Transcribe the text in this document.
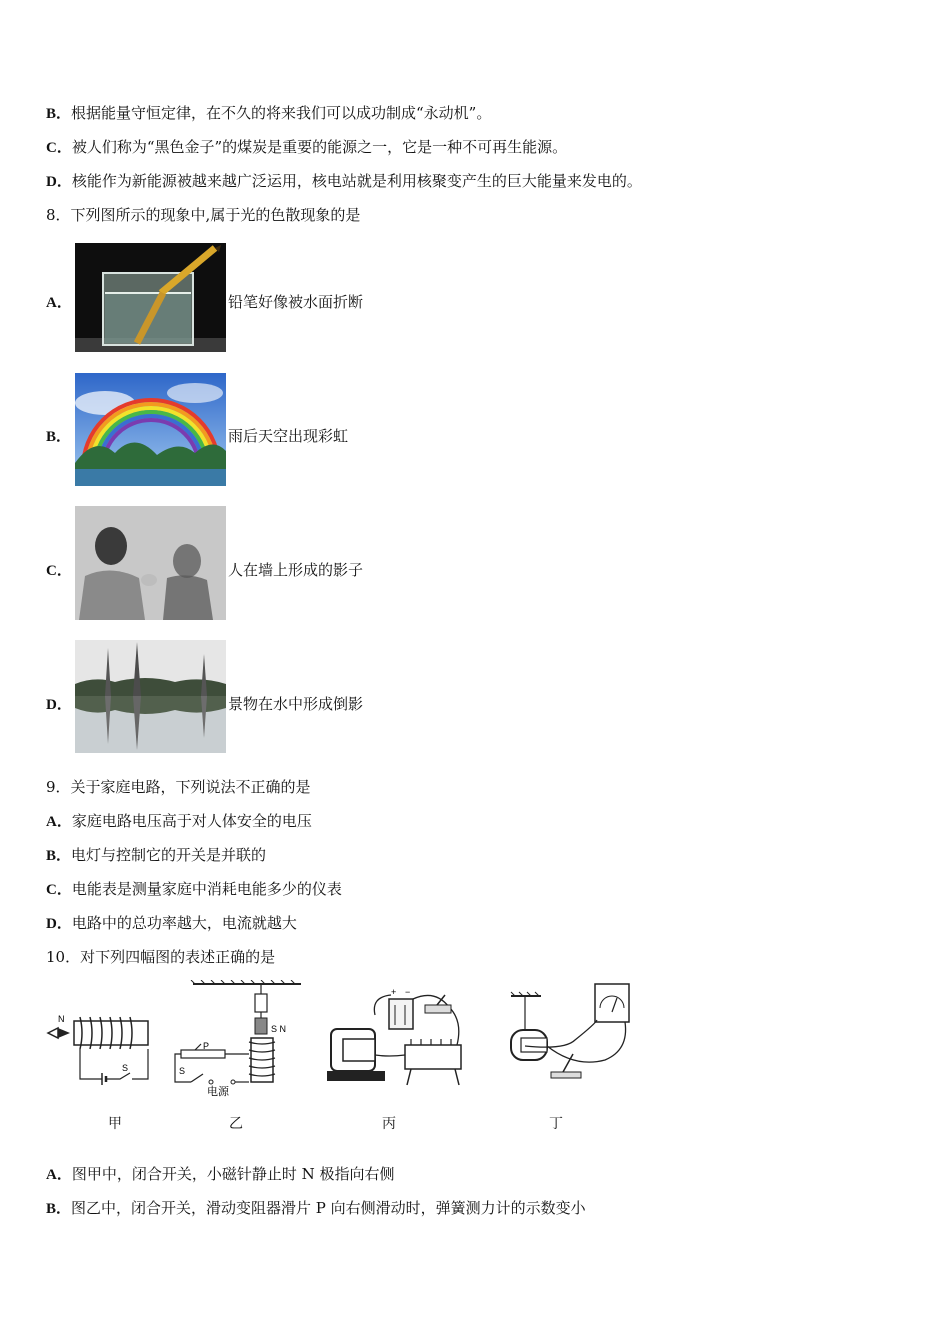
B．根据能量守恒定律，在不久的将来我们可以成功制成“永动机”。
C．被人们称为“黑色金子”的煤炭是重要的能源之一，它是一种不可再生能源。
D．核能作为新能源被越来越广泛运用，核电站就是利用核聚变产生的巨大能量来发电的。
8．下列图所示的现象中,属于光的色散现象的是
A．	铅笔好像被水面折断
B．	雨后天空出现彩虹
C．	人在墙上形成的影子
D．	景物在水中形成倒影
9．关于家庭电路，下列说法不正确的是
A．家庭电路电压高于对人体安全的电压
B．电灯与控制它的开关是并联的
C．电能表是测量家庭中消耗电能多少的仪表
D．电路中的总功率越大，电流就越大
10．对下列四幅图的表述正确的是
N
S
甲
S N
P
S
电源
乙
+ −
丙	丁
A．图甲中，闭合开关，小磁针静止时 N 极指向右侧
B．图乙中，闭合开关，滑动变阻器滑片 P 向右侧滑动时，弹簧测力计的示数变小
